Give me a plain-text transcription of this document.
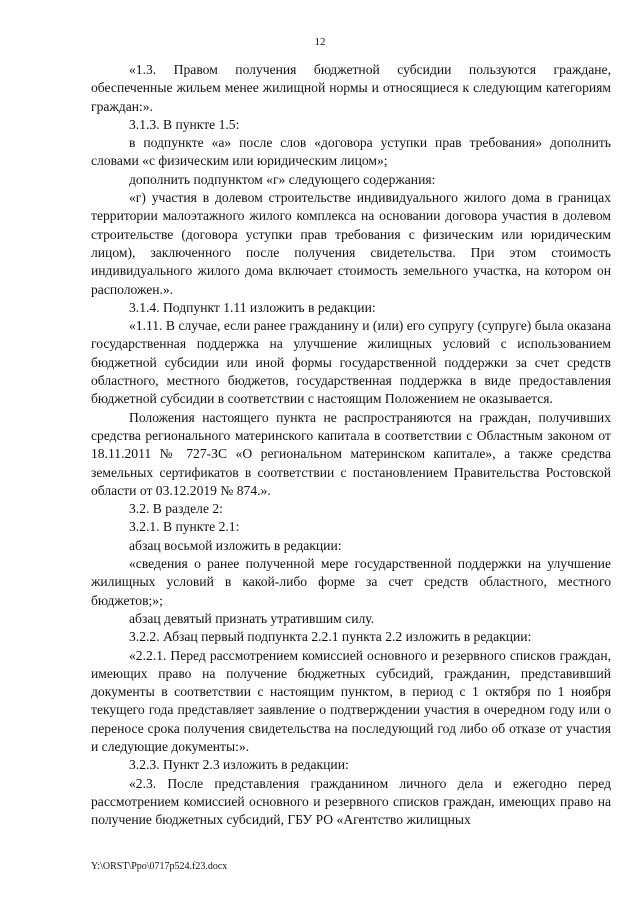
12

«1.3. Правом получения бюджетной субсидии пользуются граждане, обеспеченные жильем менее жилищной нормы и относящиеся к следующим категориям граждан:».

3.1.3. В пункте 1.5:

в подпункте «а» после слов «договора уступки прав требования» дополнить словами «с физическим или юридическим лицом»;

дополнить подпунктом «г» следующего содержания:

«г) участия в долевом строительстве индивидуального жилого дома в границах территории малоэтажного жилого комплекса на основании договора участия в долевом строительстве (договора уступки прав требования с физическим или юридическим лицом), заключенного после получения свидетельства. При этом стоимость индивидуального жилого дома включает стоимость земельного участка, на котором он расположен.».

3.1.4. Подпункт 1.11 изложить в редакции:

«1.11. В случае, если ранее гражданину и (или) его супругу (супруге) была оказана государственная поддержка на улучшение жилищных условий с использованием бюджетной субсидии или иной формы государственной поддержки за счет средств областного, местного бюджетов, государственная поддержка в виде предоставления бюджетной субсидии в соответствии с настоящим Положением не оказывается.

Положения настоящего пункта не распространяются на граждан, получивших средства регионального материнского капитала в соответствии с Областным законом от 18.11.2011 № 727-ЗС «О региональном материнском капитале», а также средства земельных сертификатов в соответствии с постановлением Правительства Ростовской области от 03.12.2019 № 874.».

3.2. В разделе 2:

3.2.1. В пункте 2.1:

абзац восьмой изложить в редакции:

«сведения о ранее полученной мере государственной поддержки на улучшение жилищных условий в какой-либо форме за счет средств областного, местного бюджетов;»;

абзац девятый признать утратившим силу.

3.2.2. Абзац первый подпункта 2.2.1 пункта 2.2 изложить в редакции:

«2.2.1. Перед рассмотрением комиссией основного и резервного списков граждан, имеющих право на получение бюджетных субсидий, гражданин, представивший документы в соответствии с настоящим пунктом, в период с 1 октября по 1 ноября текущего года представляет заявление о подтверждении участия в очередном году или о переносе срока получения свидетельства на последующий год либо об отказе от участия и следующие документы:».

3.2.3. Пункт 2.3 изложить в редакции:

«2.3. После представления гражданином личного дела и ежегодно перед рассмотрением комиссией основного и резервного списков граждан, имеющих право на получение бюджетных субсидий, ГБУ РО «Агентство жилищных

Y:\ORST\Ppo\0717p524.f23.docx
